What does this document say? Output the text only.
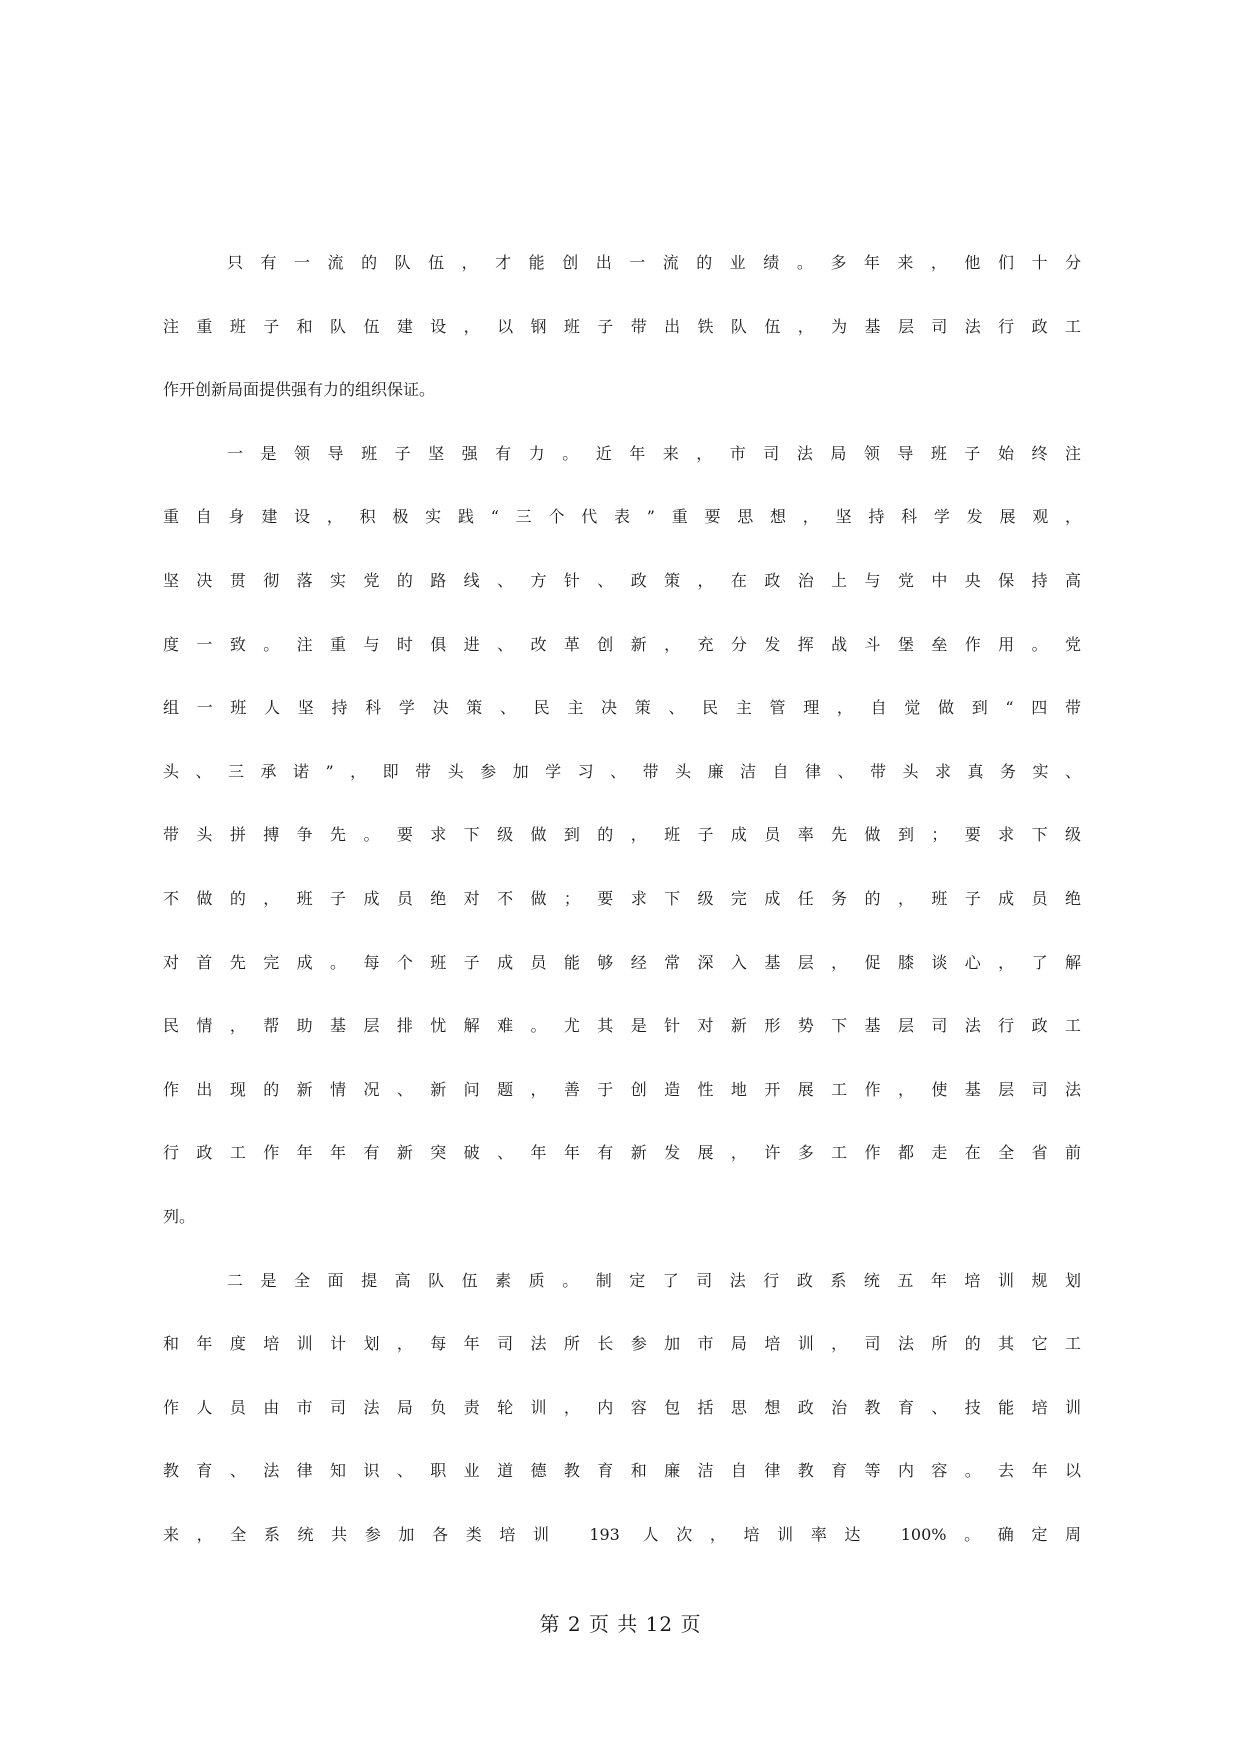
只有一流的队伍，才能创出一流的业绩。多年来，他们十分
注重班子和队伍建设，以钢班子带出铁队伍，为基层司法行政工
作开创新局面提供强有力的组织保证。
一是领导班子坚强有力。近年来，市司法局领导班子始终注
重自身建设，积极实践“三个代表”重要思想，坚持科学发展观，
坚决贯彻落实党的路线、方针、政策，在政治上与党中央保持高
度一致。注重与时俱进、改革创新，充分发挥战斗堡垒作用。党
组一班人坚持科学决策、民主决策、民主管理，自觉做到“四带
头、三承诺”，即带头参加学习、带头廉洁自律、带头求真务实、
带头拼搏争先。要求下级做到的，班子成员率先做到；要求下级
不做的，班子成员绝对不做；要求下级完成任务的，班子成员绝
对首先完成。每个班子成员能够经常深入基层，促膝谈心，了解
民情，帮助基层排忧解难。尤其是针对新形势下基层司法行政工
作出现的新情况、新问题，善于创造性地开展工作，使基层司法
行政工作年年有新突破、年年有新发展，许多工作都走在全省前
列。
二是全面提高队伍素质。制定了司法行政系统五年培训规划
和年度培训计划，每年司法所长参加市局培训，司法所的其它工
作人员由市司法局负责轮训，内容包括思想政治教育、技能培训
教育、法律知识、职业道德教育和廉洁自律教育等内容。去年以
来，全系统共参加各类培训 193 人次，培训率达 100%。确定周
第 2 页 共 12 页
